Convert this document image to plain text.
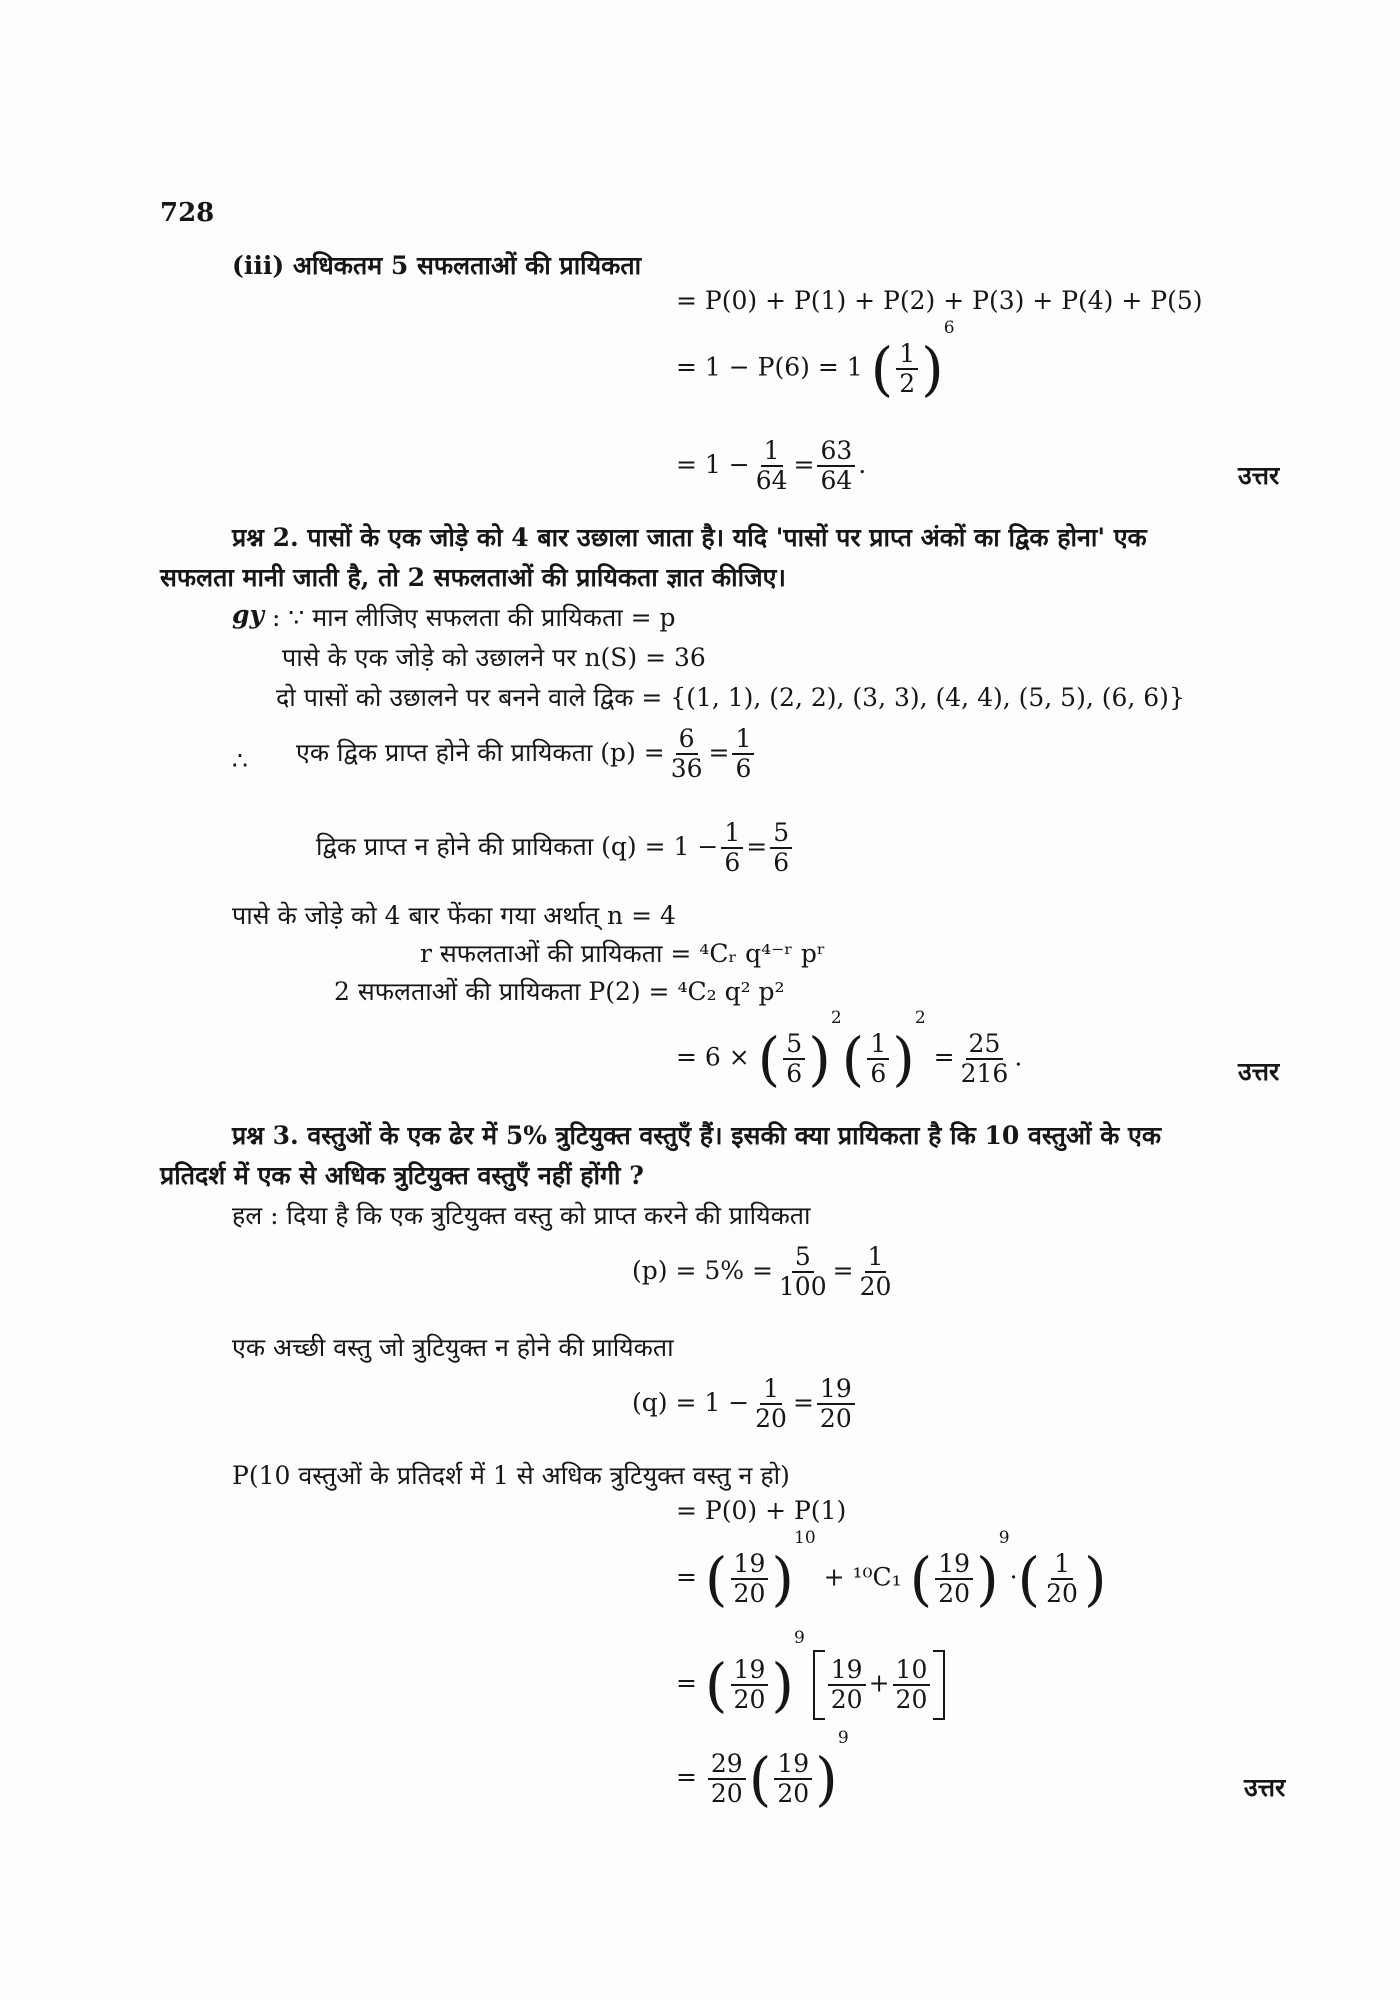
728
(iii) अधिकतम 5 सफलताओं की प्रायिकता
= P(0) + P(1) + P(2) + P(3) + P(4) + P(5)
= 1 − P(6) = 1 ( $\frac{1}{2} )^6$
= $1 - \frac{1}{64} = \frac{63}{64}$ .	उत्तर
प्रश्न 2. पासों के एक जोड़े को 4 बार उछाला जाता है। यदि 'पासों पर प्राप्त अंकों का द्विक होना' एक
सफलता मानी जाती है, तो 2 सफलताओं की प्रायिकता ज्ञात कीजिए।
gy : ∵ मान लीजिए सफलता की प्रायिकता = p
पासे के एक जोड़े को उछालने पर n(S) = 36
दो पासों को उछालने पर बनने वाले द्विक = {(1, 1), (2, 2), (3, 3), (4, 4), (5, 5), (6, 6)}
∴ एक द्विक प्राप्त होने की प्रायिकता $(p) = \frac{6}{36} = \frac{1}{6}$
द्विक प्राप्त न होने की प्रायिकता $(q) = 1 - \frac{1}{6} = \frac{5}{6}$
पासे के जोड़े को 4 बार फेंका गया अर्थात् n = 4
r सफलताओं की प्रायिकता = ⁴Cᵣ q⁴⁻ʳ pʳ
2 सफलताओं की प्रायिकता P(2) = ⁴C₂ q² p²
= 6 × ( $\frac{5}{6} )^2( \frac{1}{6} )^2 = \frac{25}{216}$ .	उत्तर
प्रश्न 3. वस्तुओं के एक ढेर में 5% त्रुटियुक्त वस्तुएँ हैं। इसकी क्या प्रायिकता है कि 10 वस्तुओं के एक
प्रतिदर्श में एक से अधिक त्रुटियुक्त वस्तुएँ नहीं होंगी ?
हल : दिया है कि एक त्रुटियुक्त वस्तु को प्राप्त करने की प्रायिकता
$(p) = 5\% = \frac{5}{100} = \frac{1}{20}$
एक अच्छी वस्तु जो त्रुटियुक्त न होने की प्रायिकता
$(q) = 1 - \frac{1}{20} = \frac{19}{20}$
P(10 वस्तुओं के प्रतिदर्श में 1 से अधिक त्रुटियुक्त वस्तु न हो)
= P(0) + P(1)
= ( $\frac{19}{20} )^{10} + ^{10}C_1$ ( $\frac{19}{20} )^9\cdot( \frac{1}{20}$ )
= ( $\frac{19}{20} )^9$
$\frac{19}{20} + \frac{10}{20}$
= $\frac{29}{20}$ ( $\frac{19}{20} )^9$
उत्तर
